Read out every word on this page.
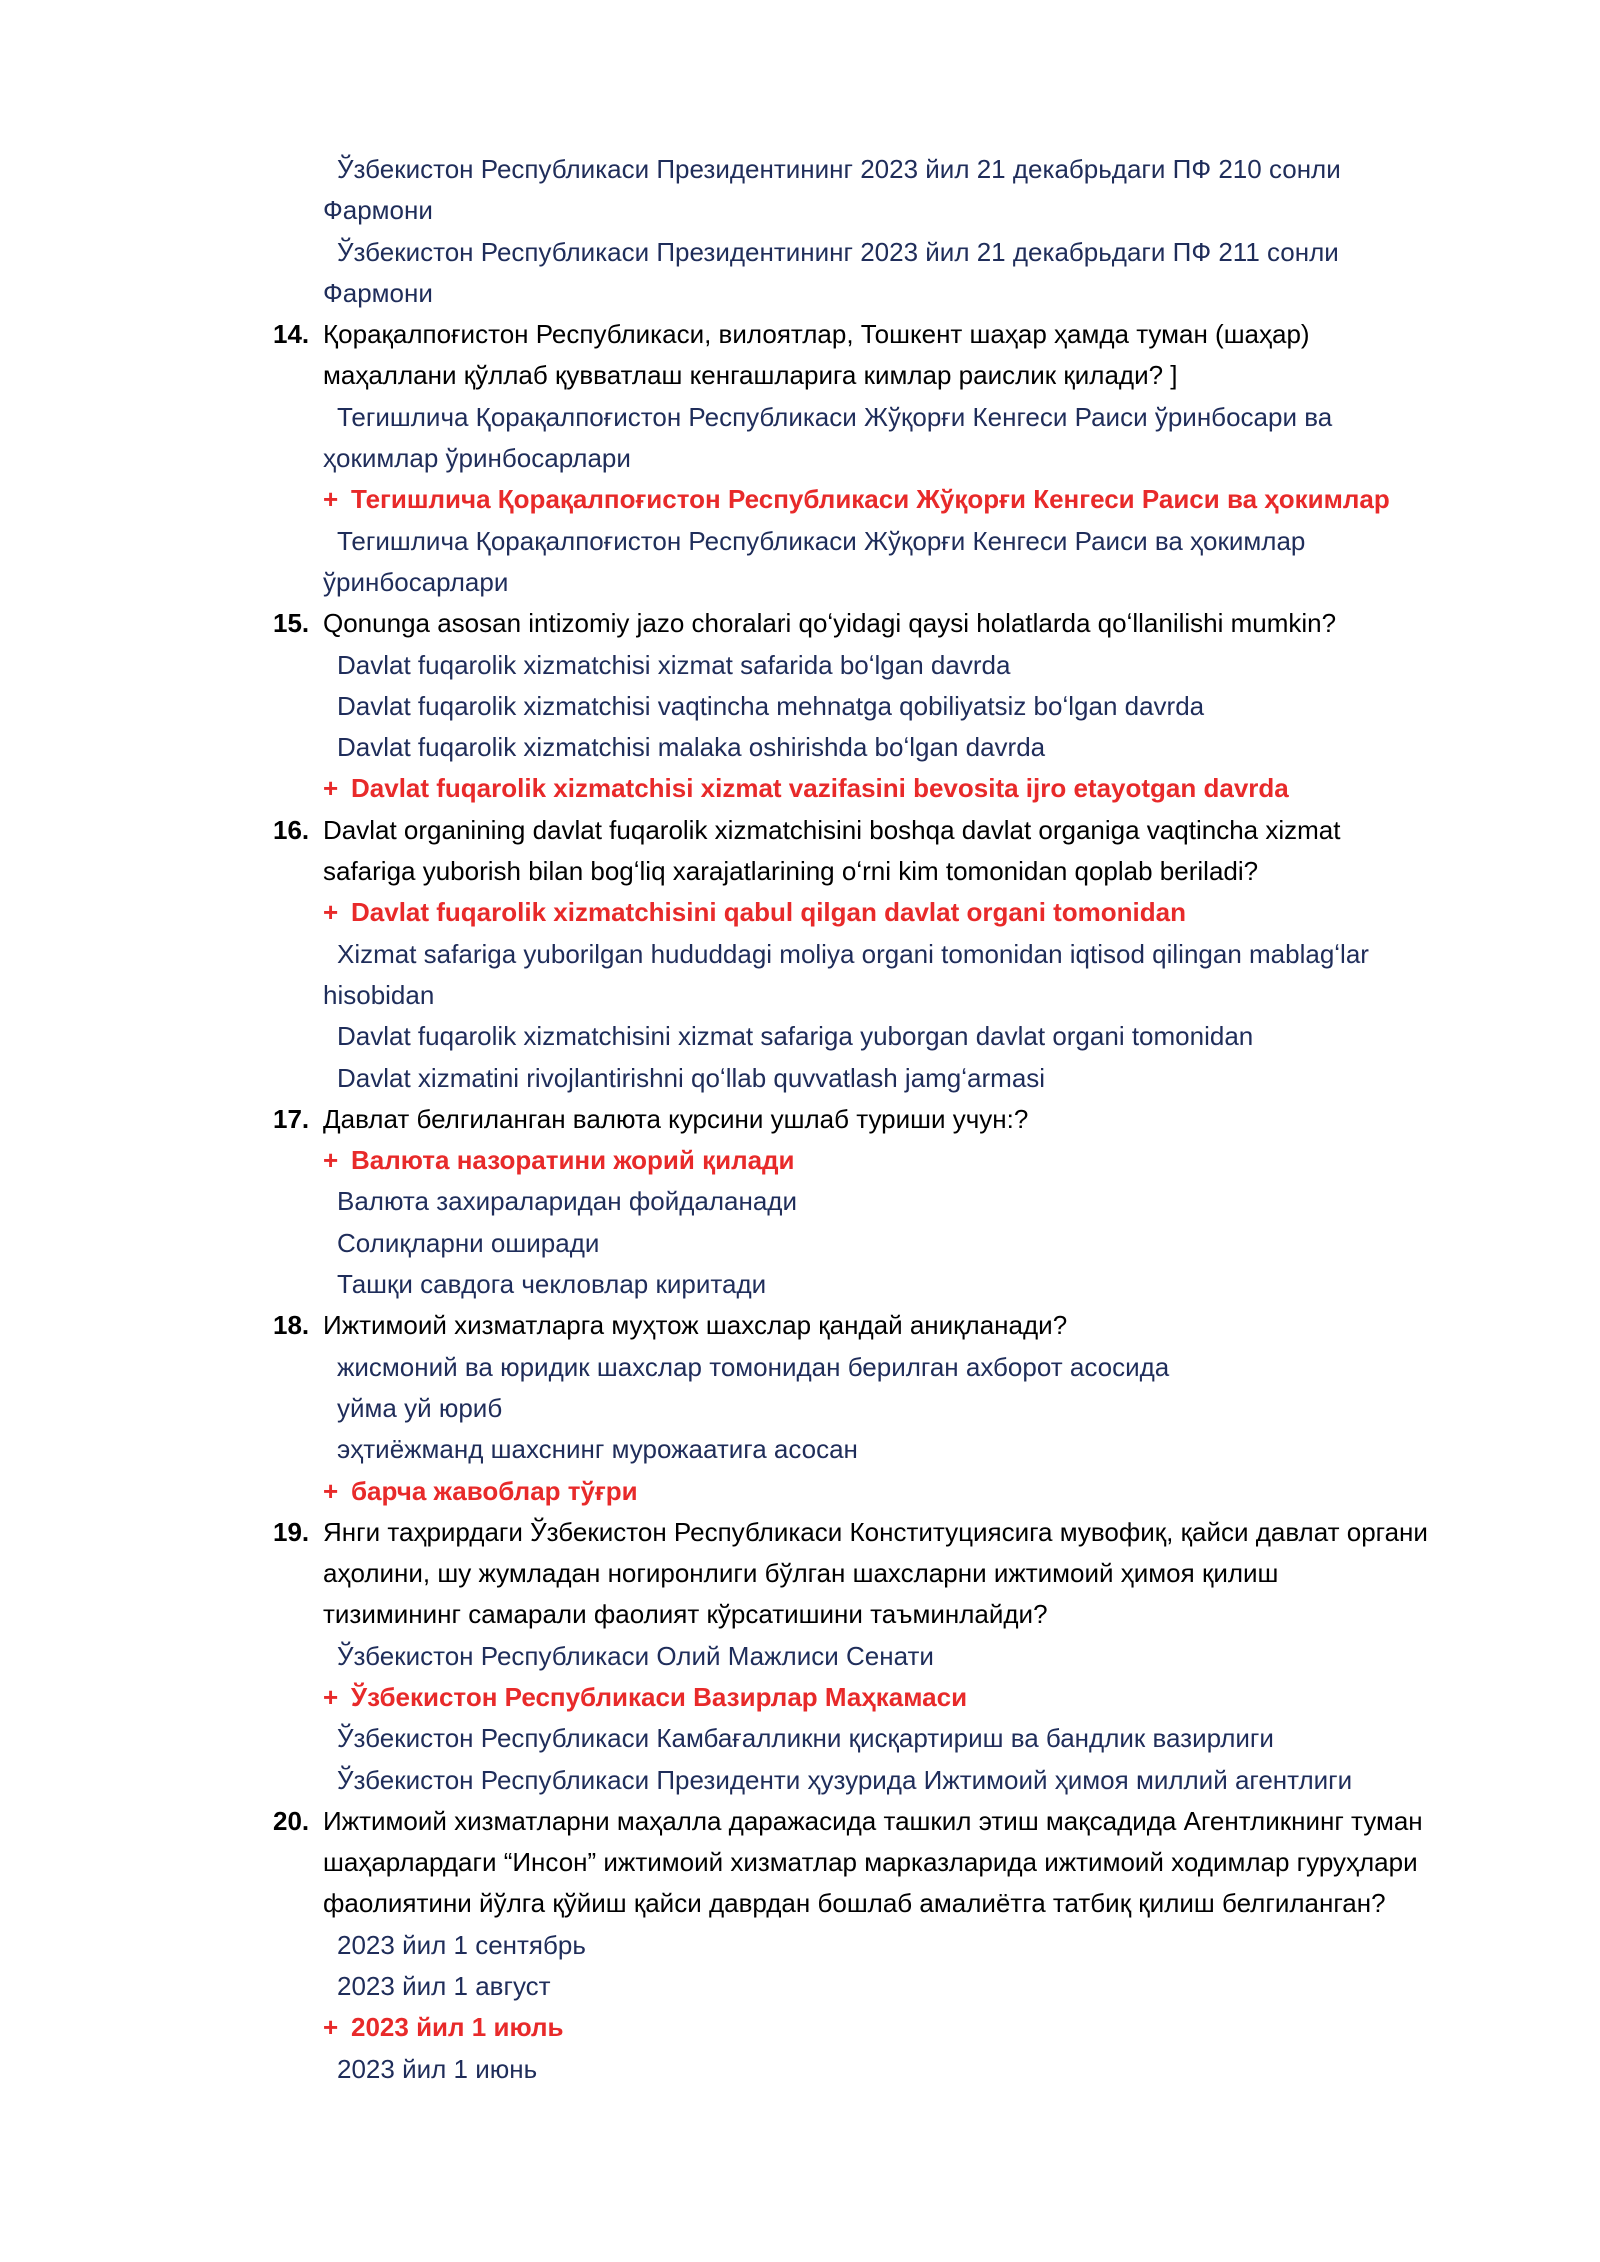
Ўзбекистон Республикаси Президентининг 2023 йил 21 декабрьдаги ПФ 210 сонли
Фармони
Ўзбекистон Республикаси Президентининг 2023 йил 21 декабрьдаги ПФ 211 сонли
Фармони
14. Қорақалпоғистон Республикаси, вилоятлар, Тошкент шаҳар ҳамда туман (шаҳар)
маҳаллани қўллаб қувватлаш кенгашларига кимлар раислик қилади? ]
Тегишлича Қорақалпоғистон Республикаси Жўқорғи Кенгеси Раиси ўринбосари ва
ҳокимлар ўринбосарлари
+ Тегишлича Қорақалпоғистон Республикаси Жўқорғи Кенгеси Раиси ва ҳокимлар
Тегишлича Қорақалпоғистон Республикаси Жўқорғи Кенгеси Раиси ва ҳокимлар
ўринбосарлари
15. Qonunga asosan intizomiy jazo choralari qoʻyidagi qaysi holatlarda qoʻllanilishi mumkin?
Davlat fuqarolik xizmatchisi xizmat safarida boʻlgan davrda
Davlat fuqarolik xizmatchisi vaqtincha mehnatga qobiliyatsiz boʻlgan davrda
Davlat fuqarolik xizmatchisi malaka oshirishda boʻlgan davrda
+ Davlat fuqarolik xizmatchisi xizmat vazifasini bevosita ijro etayotgan davrda
16. Davlat organining davlat fuqarolik xizmatchisini boshqa davlat organiga vaqtincha xizmat
safariga yuborish bilan bogʻliq xarajatlarining oʻrni kim tomonidan qoplab beriladi?
+ Davlat fuqarolik xizmatchisini qabul qilgan davlat organi tomonidan
Xizmat safariga yuborilgan hududdagi moliya organi tomonidan iqtisod qilingan mablagʻlar
hisobidan
Davlat fuqarolik xizmatchisini xizmat safariga yuborgan davlat organi tomonidan
Davlat xizmatini rivojlantirishni qoʻllab quvvatlash jamgʻarmasi
17. Давлат белгиланган валюта курсини ушлаб туриши учун:?
+ Валюта назоратини жорий қилади
Валюта захираларидан фойдаланади
Солиқларни оширади
Ташқи савдога чекловлар киритади
18. Ижтимоий хизматларга муҳтож шахслар қандай аниқланади?
жисмоний ва юридик шахслар томонидан берилган ахборот асосида
уйма уй юриб
эҳтиёжманд шахснинг мурожаатига асосан
+ барча жавоблар тўғри
19. Янги таҳрирдаги Ўзбекистон Республикаси Конституциясига мувофиқ, қайси давлат органи
аҳолини, шу жумладан ногиронлиги бўлган шахсларни ижтимоий ҳимоя қилиш
тизимининг самарали фаолият кўрсатишини таъминлайди?
Ўзбекистон Республикаси Олий Мажлиси Сенати
+ Ўзбекистон Республикаси Вазирлар Маҳкамаси
Ўзбекистон Республикаси Камбағалликни қисқартириш ва бандлик вазирлиги
Ўзбекистон Республикаси Президенти ҳузурида Ижтимоий ҳимоя миллий агентлиги
20. Ижтимоий хизматларни маҳалла даражасида ташкил этиш мақсадида Агентликнинг туман
шаҳарлардаги “Инсон” ижтимоий хизматлар марказларида ижтимоий ходимлар гуруҳлари
фаолиятини йўлга қўйиш қайси даврдан бошлаб амалиётга татбиқ қилиш белгиланган?
2023 йил 1 сентябрь
2023 йил 1 август
+ 2023 йил 1 июль
2023 йил 1 июнь
